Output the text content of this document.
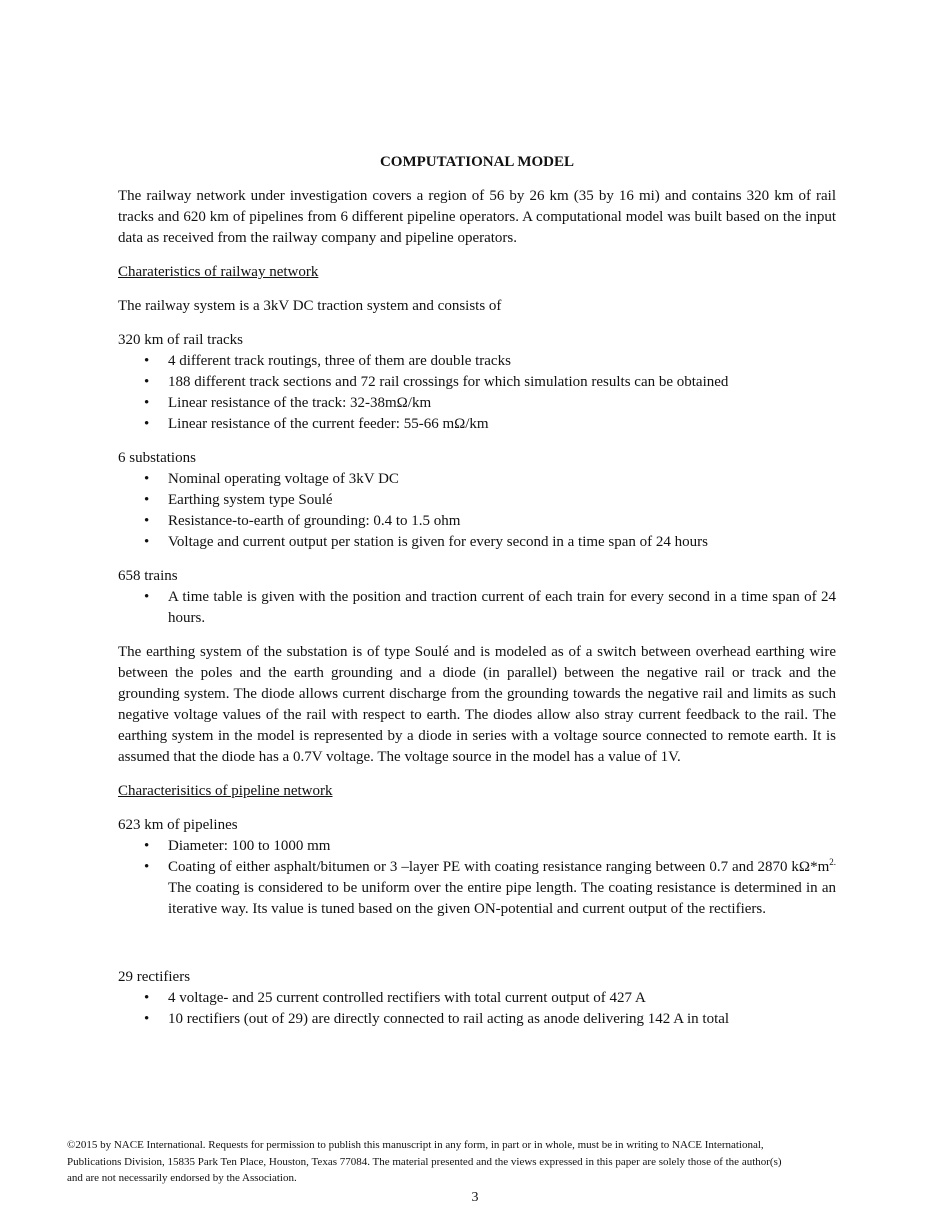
COMPUTATIONAL MODEL

The railway network under investigation covers a region of 56 by 26 km (35 by 16 mi) and contains 320 km of rail tracks and 620 km of pipelines from 6 different pipeline operators. A computational model was built based on the input data as received from the railway company and pipeline operators.

Charateristics of railway network

The railway system is a 3kV DC traction system and consists of

320 km of rail tracks
• 4 different track routings, three of them are double tracks
• 188 different track sections and 72 rail crossings for which simulation results can be obtained
• Linear resistance of the track: 32-38mΩ/km
• Linear resistance of the current feeder: 55-66 mΩ/km
6 substations
• Nominal operating voltage of 3kV DC
• Earthing system type Soulé
• Resistance-to-earth of grounding: 0.4 to 1.5 ohm
• Voltage and current output per station is given for every second in a time span of 24 hours
658 trains
• A time table is given with the position and traction current of each train for every second in a time span of 24 hours.

The earthing system of the substation is of type Soulé and is modeled as of a switch between overhead earthing wire between the poles and the earth grounding and a diode (in parallel) between the negative rail or track and the grounding system. The diode allows current discharge from the grounding towards the negative rail and limits as such negative voltage values of the rail with respect to earth. The diodes allow also stray current feedback to the rail. The earthing system in the model is represented by a diode in series with a voltage source connected to remote earth. It is assumed that the diode has a 0.7V voltage. The voltage source in the model has a value of 1V.

Characterisitics of pipeline network
623 km of pipelines
• Diameter: 100 to 1000 mm
• Coating of either asphalt/bitumen or 3 –layer PE with coating resistance ranging between 0.7 and 2870 $k\Omega*m^{2.}$ The coating is considered to be uniform over the entire pipe length. The coating resistance is determined in an iterative way. Its value is tuned based on the given ON-potential and current output of the rectifiers.
29 rectifiers
• 4 voltage- and 25 current controlled rectifiers with total current output of 427 A
• 10 rectifiers (out of 29) are directly connected to rail acting as anode delivering 142 A in total
©2015 by NACE International. Requests for permission to publish this manuscript in any form, in part or in whole, must be in writing to NACE International, Publications Division, 15835 Park Ten Place, Houston, Texas 77084. The material presented and the views expressed in this paper are solely those of the author(s) and are not necessarily endorsed by the Association.
3
